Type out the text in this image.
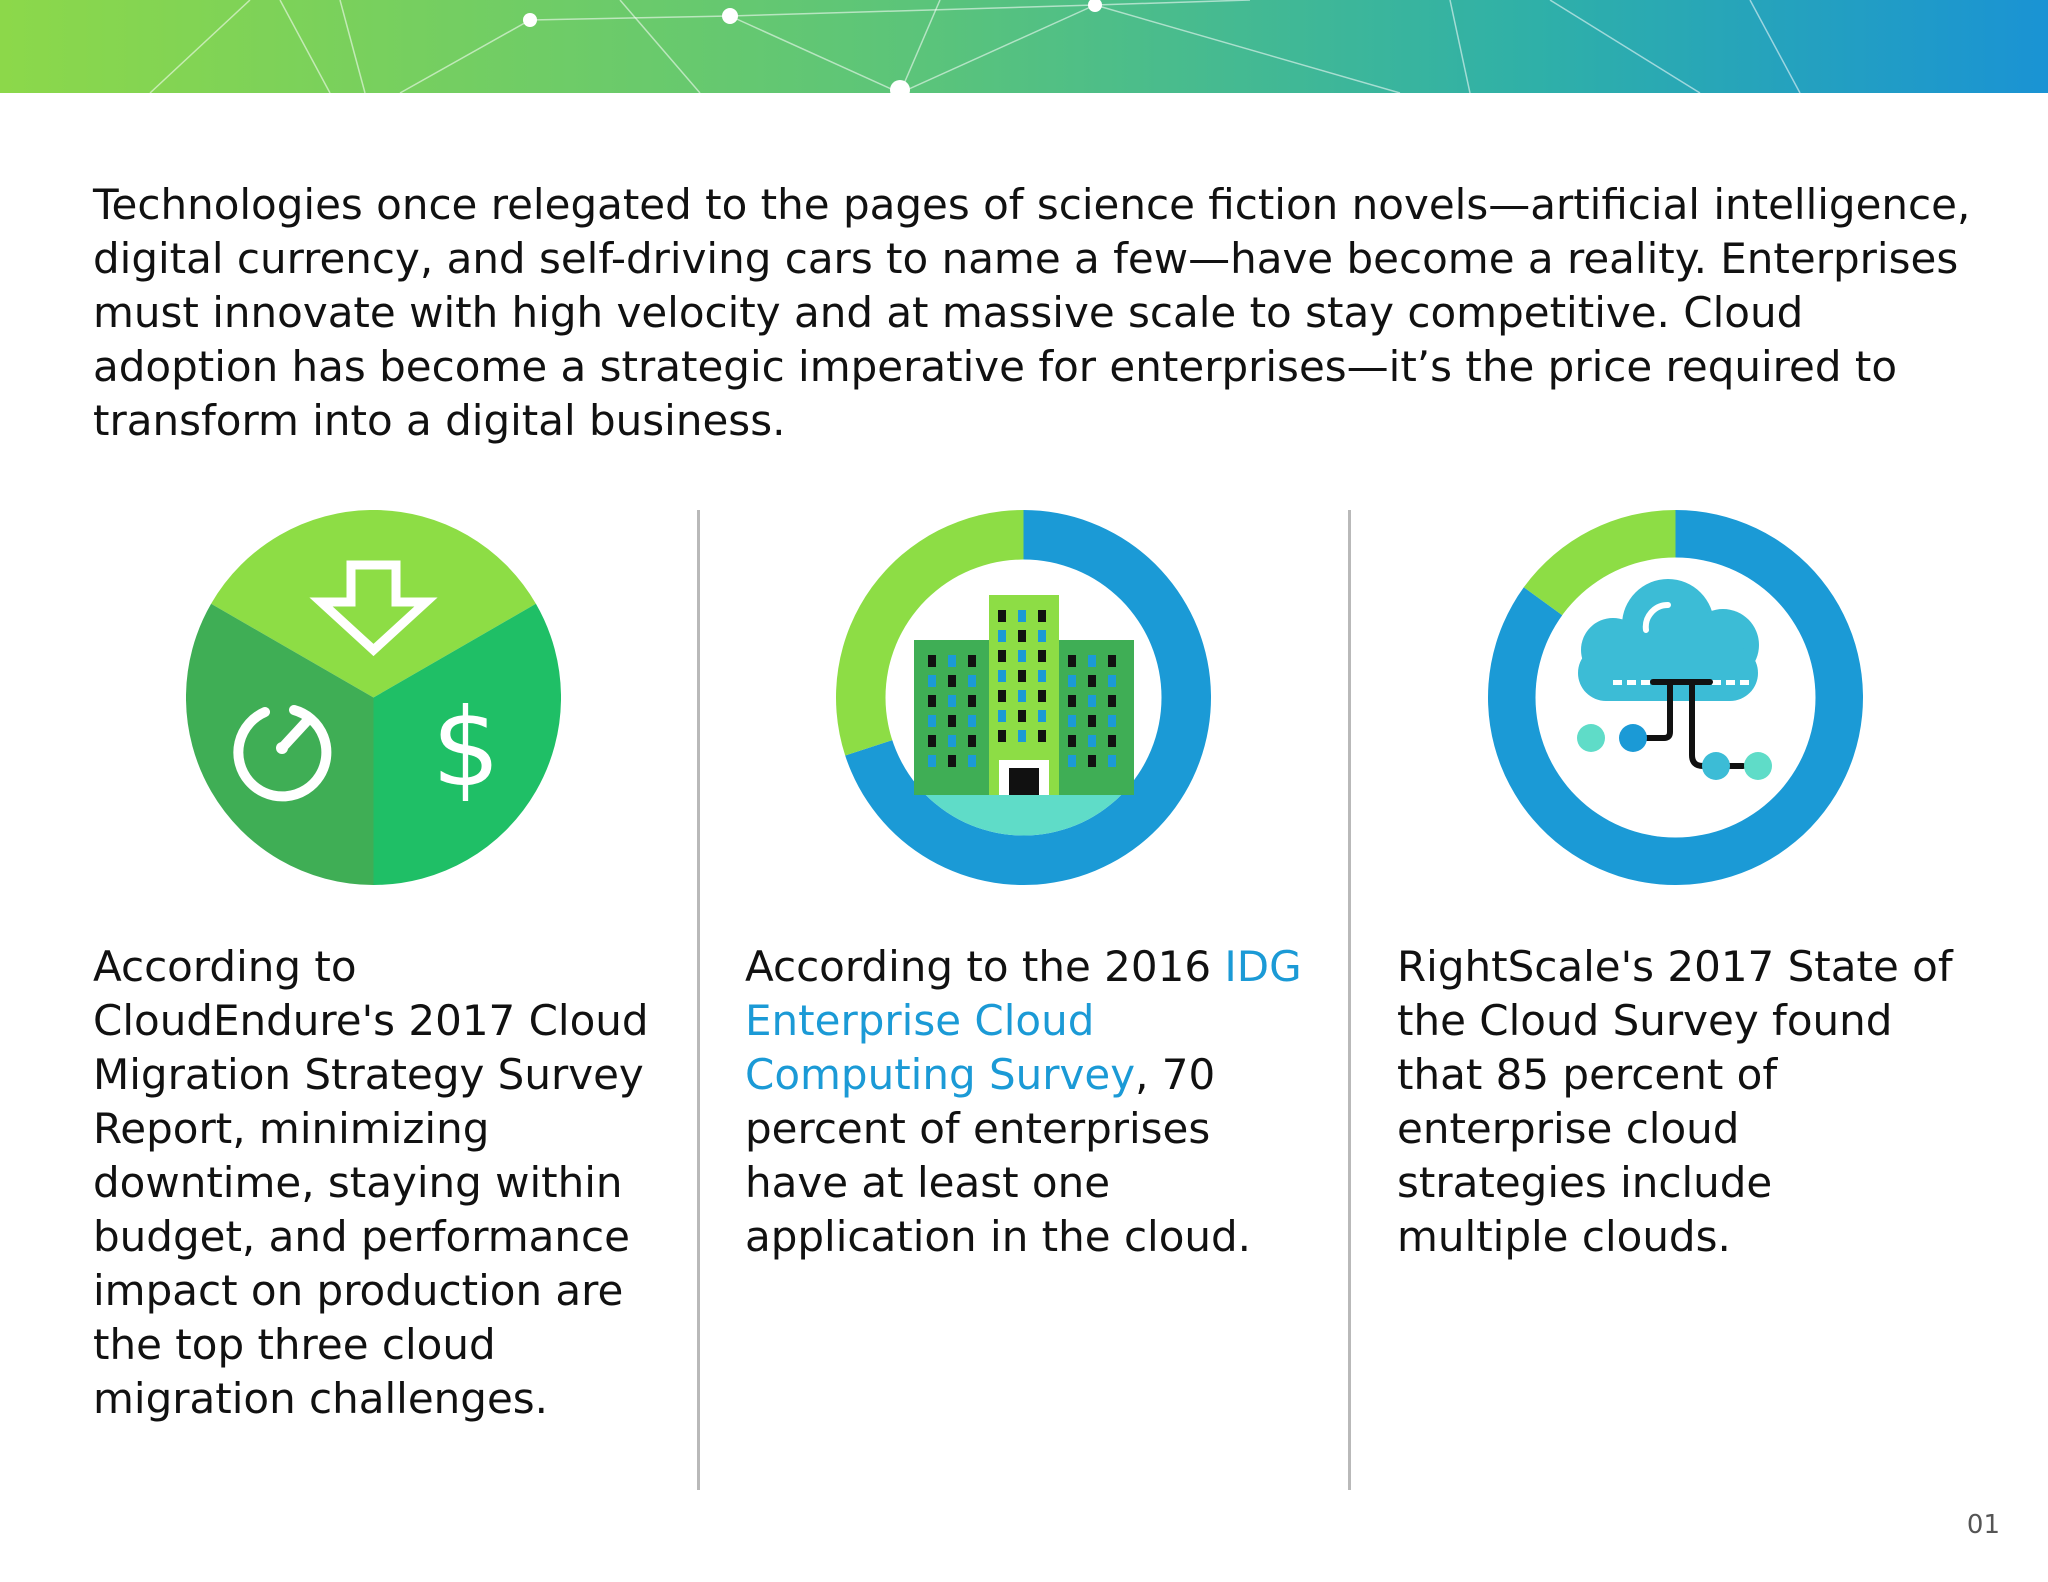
Technologies once relegated to the pages of science fiction novels—artificial intelligence, digital currency, and self-driving cars to name a few—have become a reality. Enterprises must innovate with high velocity and at massive scale to stay competitive. Cloud adoption has become a strategic imperative for enterprises—it’s the price required to transform into a digital business.

$

According to CloudEndure's 2017 Cloud Migration Strategy Survey Report, minimizing downtime, staying within budget, and performance impact on production are the top three cloud migration challenges.

According to the 2016 IDG Enterprise Cloud Computing Survey, 70 percent of enterprises have at least one application in the cloud.

RightScale's 2017 State of the Cloud Survey found that 85 percent of enterprise cloud strategies include multiple clouds.

01
